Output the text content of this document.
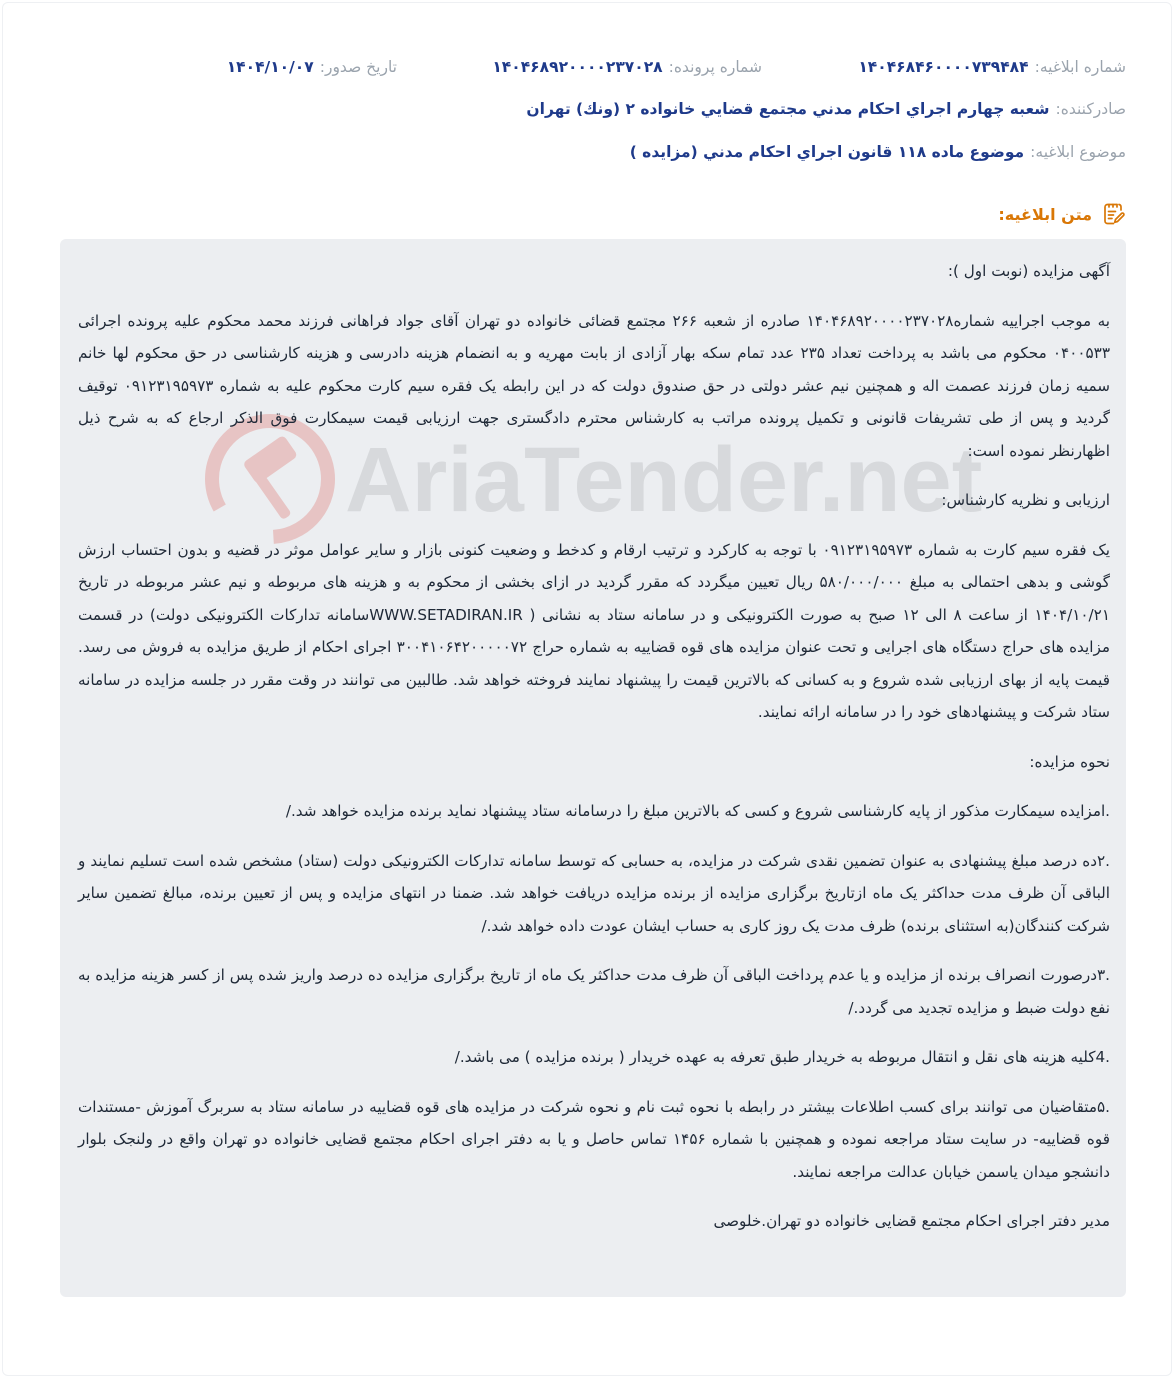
شماره ابلاغیه:
۱۴۰۴۶۸۴۶۰۰۰۰۷۳۹۴۸۴
شماره پرونده:
۱۴۰۴۶۸۹۲۰۰۰۰۲۳۷۰۲۸
تاریخ صدور:
۱۴۰۴/۱۰/۰۷
صادرکننده:
شعبه چهارم اجراي احكام مدني مجتمع قضايي خانواده ۲ (ونك) تهران
موضوع ابلاغیه:
موضوع ماده ۱۱۸ قانون اجراي احكام مدني (مزايده )
متن ابلاغیه:
AriaTender.net

آگهی مزایده (نوبت اول ):

به موجب اجراییه شماره۱۴۰۴۶۸۹۲۰۰۰۰۲۳۷۰۲۸ صادره از شعبه ۲۶۶ مجتمع قضائی خانواده دو تهران آقای جواد فراهانی فرزند محمد محکوم علیه پرونده اجرائی ۰۴۰۰۵۳۳ محکوم می باشد به پرداخت تعداد ۲۳۵ عدد تمام سکه بهار آزادی از بابت مهریه و به انضمام هزینه دادرسی و هزینه کارشناسی در حق محکوم لها خانم سمیه زمان فرزند عصمت اله و همچنین نیم عشر دولتی در حق صندوق دولت که در این رابطه یک فقره سیم کارت محکوم علیه به شماره ۰۹۱۲۳۱۹۵۹۷۳ توقیف گردید و پس از طی تشریفات قانونی و تکمیل پرونده مراتب به کارشناس محترم دادگستری جهت ارزیابی قیمت سیمکارت فوق الذکر ارجاع که به شرح ذیل اظهارنظر نموده است:

ارزیابی و نظریه کارشناس:

یک فقره سیم کارت به شماره ۰۹۱۲۳۱۹۵۹۷۳ با توجه به کارکرد و ترتیب ارقام و کدخط و وضعیت کنونی بازار و سایر عوامل موثر در قضیه و بدون احتساب ارزش گوشی و بدهی احتمالی به مبلغ ۵۸۰/۰۰۰/۰۰۰ ریال تعیین میگردد که مقرر گردید در ازای بخشی از محکوم به و هزینه های مربوطه و نیم عشر مربوطه در تاریخ ۱۴۰۴/۱۰/۲۱ از ساعت ۸ الی ۱۲ صبح به صورت الکترونیکی و در سامانه ستاد به نشانی ( WWW.SETADIRAN.IRسامانه تدارکات الکترونیکی دولت) در قسمت مزایده های حراج دستگاه های اجرایی و تحت عنوان مزایده های قوه قضاییه به شماره حراج ۳۰۰۴۱۰۶۴۲۰۰۰۰۰۷۲ اجرای احکام از طریق مزایده به فروش می رسد. قیمت پایه از بهای ارزیابی شده شروع و به کسانی که بالاترین قیمت را پیشنهاد نمایند فروخته خواهد شد. طالبین می توانند در وقت مقرر در جلسه مزایده در سامانه ستاد شرکت و پیشنهادهای خود را در سامانه ارائه نمایند.

نحوه مزایده:

.امزایده سیمکارت مذکور از پایه کارشناسی شروع و کسی که بالاترین مبلغ را درسامانه ستاد پیشنهاد نماید برنده مزایده خواهد شد./

.۲ده درصد مبلغ پیشنهادی به عنوان تضمین نقدی شرکت در مزایده، به حسابی که توسط سامانه تدارکات الکترونیکی دولت (ستاد) مشخص شده است تسلیم نمایند و الباقی آن ظرف مدت حداکثر یک ماه ازتاریخ برگزاری مزایده از برنده مزایده دریافت خواهد شد. ضمنا در انتهای مزایده و پس از تعیین برنده، مبالغ تضمین سایر شرکت کنندگان(به استثنای برنده) ظرف مدت یک روز کاری به حساب ایشان عودت داده خواهد شد./

.۳درصورت انصراف برنده از مزایده و یا عدم پرداخت الباقی آن ظرف مدت حداکثر یک ماه از تاریخ برگزاری مزایده ده درصد واریز شده پس از کسر هزینه مزایده به نفع دولت ضبط و مزایده تجدید می گردد./

.4کلیه هزینه های نقل و انتقال مربوطه به خریدار طبق تعرفه به عهده خریدار ( برنده مزایده ) می باشد./

.۵متقاضیان می توانند برای کسب اطلاعات بیشتر در رابطه با نحوه ثبت نام و نحوه شرکت در مزایده های قوه قضاییه در سامانه ستاد به سربرگ آموزش -مستندات قوه قضاییه- در سایت ستاد مراجعه نموده و همچنین با شماره ۱۴۵۶ تماس حاصل و یا به دفتر اجرای احکام مجتمع قضایی خانواده دو تهران واقع در ولنجک بلوار دانشجو میدان یاسمن خیابان عدالت مراجعه نمایند.

مدیر دفتر اجرای احکام مجتمع قضایی خانواده دو تهران.خلوصی
